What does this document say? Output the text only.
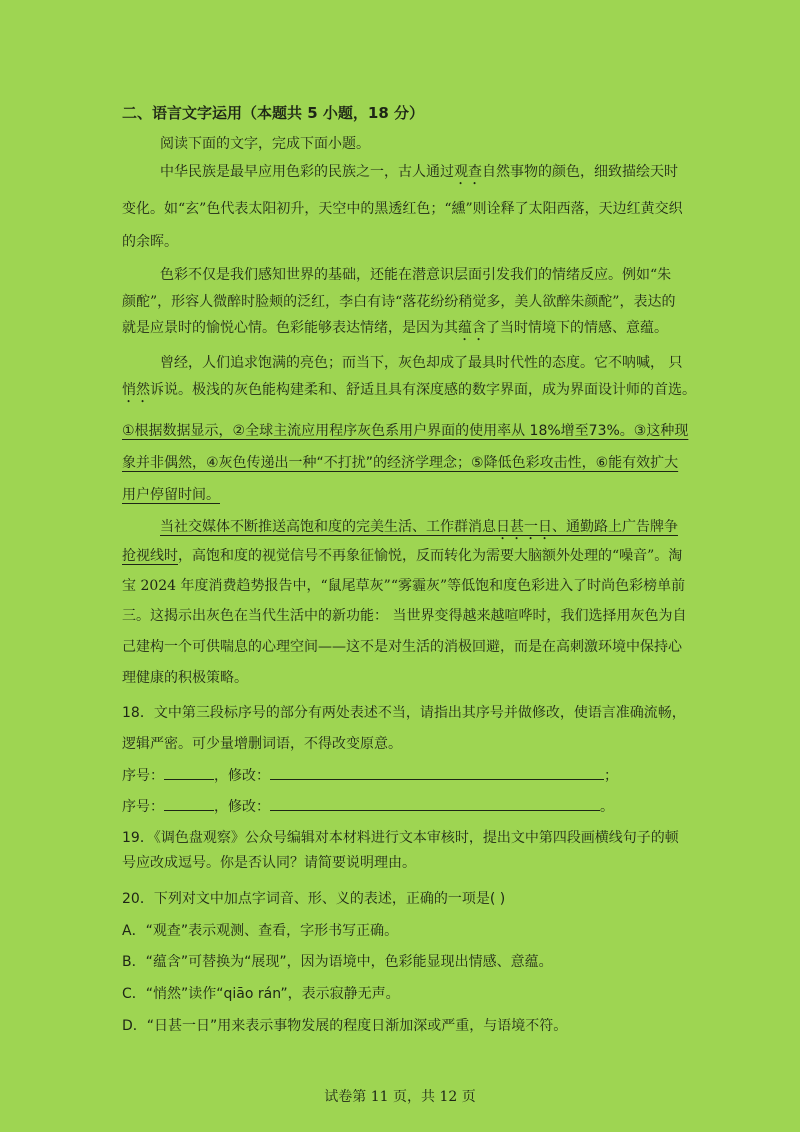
二、语言文字运用（本题共 5 小题，18 分）
阅读下面的文字，完成下面小题。
中华民族是最早应用色彩的民族之一，古人通过观查自然事物的颜色，细致描绘天时
变化。如“玄”色代表太阳初升，天空中的黑透红色；“纁”则诠释了太阳西落，天边红黄交织
的余晖。
色彩不仅是我们感知世界的基础，还能在潜意识层面引发我们的情绪反应。例如“朱
颜酡”，形容人微醉时脸颊的泛红，李白有诗“落花纷纷稍觉多，美人欲醉朱颜酡”，表达的
就是应景时的愉悦心情。色彩能够表达情绪，是因为其蕴含了当时情境下的情感、意蕴。
曾经，人们追求饱满的亮色；而当下，灰色却成了最具时代性的态度。它不呐喊， 只
悄然诉说。极浅的灰色能构建柔和、舒适且具有深度感的数字界面，成为界面设计师的首选。
①根据数据显示，②全球主流应用程序灰色系用户界面的使用率从 18%增至73%。③这种现
象并非偶然，④灰色传递出一种“不打扰”的经济学理念；⑤降低色彩攻击性，⑥能有效扩大
用户停留时间。
当社交媒体不断推送高饱和度的完美生活、工作群消息日甚一日、通勤路上广告牌争
抢视线时，高饱和度的视觉信号不再象征愉悦，反而转化为需要大脑额外处理的“噪音”。淘
宝 2024 年度消费趋势报告中，“鼠尾草灰”“雾霾灰”等低饱和度色彩进入了时尚色彩榜单前
三。这揭示出灰色在当代生活中的新功能： 当世界变得越来越喧哗时，我们选择用灰色为自
己建构一个可供喘息的心理空间——这不是对生活的消极回避，而是在高刺激环境中保持心
理健康的积极策略。
18．文中第三段标序号的部分有两处表述不当，请指出其序号并做修改，使语言准确流畅，
逻辑严密。可少量增删词语，不得改变原意。
序号：	，修改：	；
序号：	，修改：	。
19．《调色盘观察》公众号编辑对本材料进行文本审核时，提出文中第四段画横线句子的顿
号应改成逗号。你是否认同？请简要说明理由。
20．下列对文中加点字词音、形、义的表述，正确的一项是( )
A．“观查”表示观测、查看，字形书写正确。
B．“蕴含”可替换为“展现”，因为语境中，色彩能显现出情感、意蕴。
C．“悄然”读作“qiāo rán”，表示寂静无声。
D．“日甚一日”用来表示事物发展的程度日渐加深或严重，与语境不符。
试卷第 11 页，共 12 页
